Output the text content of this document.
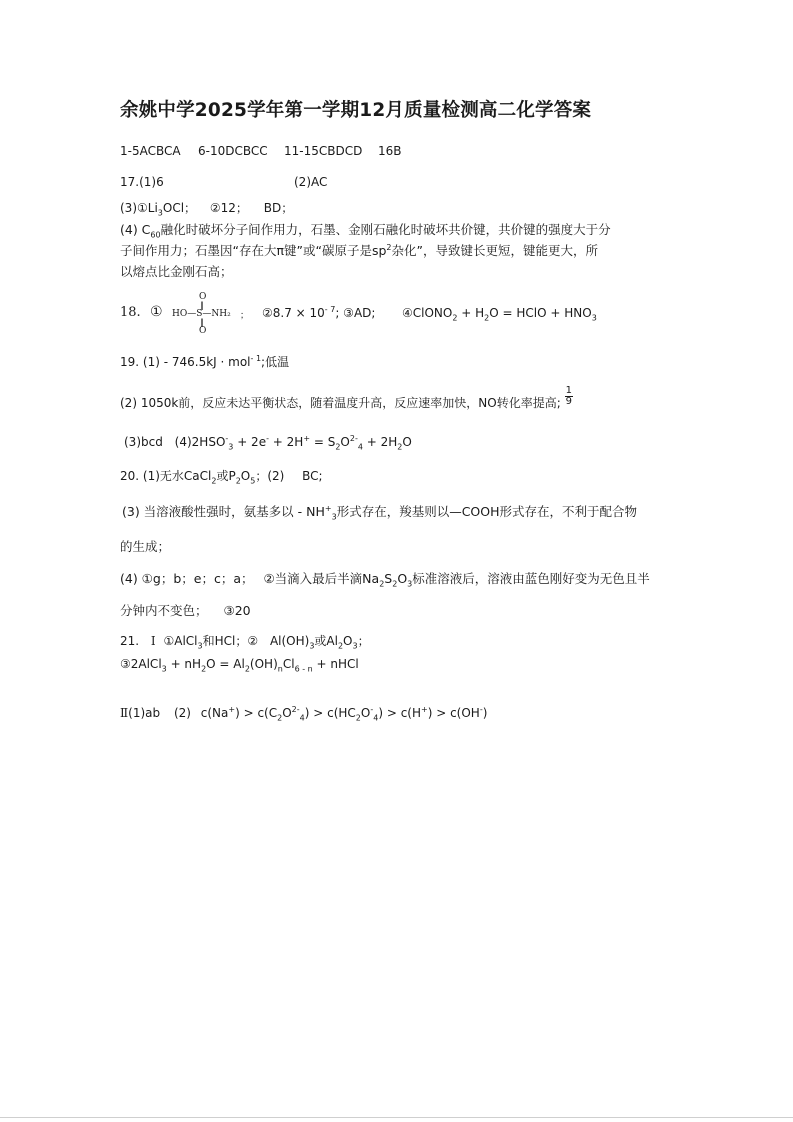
余姚中学2025学年第一学期12月质量检测高二化学答案
1-5ACBCA 6-10DCBCC 11-15CBDCD 16B
17.(1)6	(2)AC
$(3)①Li_3OCl$； ②12； BD；
(4) $C_{60}$融化时破坏分子间作用力，石墨、金刚石融化时破坏共价键，共价键的强度大于分
子间作用力；石墨因“存在大π键”或“碳原子是$sp^2$杂化”，导致键长更短，键能更大，所
以熔点比金刚石高；
18. ①
O
‖
HO—S—NH₂ ；
‖
O
②8.7 × $10^{- 7}$; ③AD; ④ClONO$_2$ + $H_2O$ = HClO + $HNO_3$
19. (1) - 746.5kJ · mol$^{- 1}$;低温
(2) 1050k前，反应未达平衡状态，随着温度升高，反应速率加快，NO转化率提高; $\frac{1}{9}$
(3)bcd $(4)2HSO^-_3 + 2e^- + 2H^+ = S_2O^{2-}_4 + 2H_2O$
20. (1)无水CaCl$_2$或$P_2O_5$；(2) BC;
(3) 当溶液酸性强时，氨基多以 - $NH^+_3$形式存在，羧基则以—COOH形式存在，不利于配合物
的生成；
(4) ①g；b；e；c；a； ②当滴入最后半滴$Na_2S_2O_3$标准溶液后，溶液由蓝色刚好变为无色且半
分钟内不变色； ③20
21. Ⅰ ①AlCl$_3$和HCl；② $Al(OH)_3$或$Al_2O_3$；
③2AlCl$_3$ + $nH_2O = Al_2(OH)_nCl_{6 - n}$ + nHCl
Ⅱ(1)ab (2) $c(Na^+) > c(C_2O^{2-}_4) > c(HC_2O^-_4) > c(H^+) > c(OH^-)$
